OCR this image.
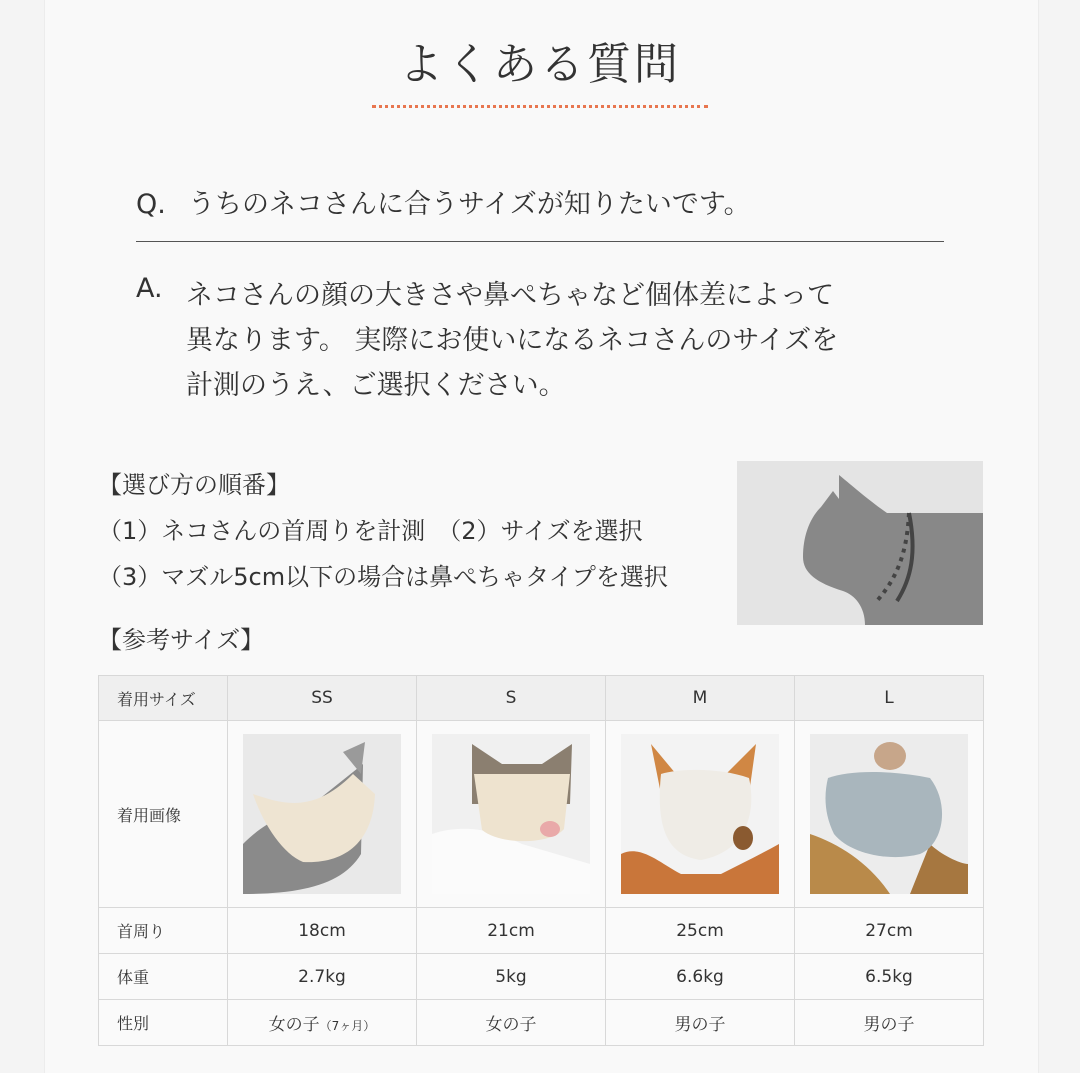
よくある質問
Q. うちのネコさんに合うサイズが知りたいです。
A. ネコさんの顔の大きさや鼻ぺちゃなど個体差によって
異なります。 実際にお使いになるネコさんのサイズを
計測のうえ、ご選択ください。
【選び方の順番】
（1）ネコさんの首周りを計測　（2）サイズを選択
（3）マズル5cm以下の場合は鼻ぺちゃタイプを選択
【参考サイズ】
着用サイズ	SS	S	M	L
着用画像	

首周り	18cm	21cm	25cm	27cm
体重	2.7kg	5kg	6.6kg	6.5kg
性別	女の子（7ヶ月）	女の子	男の子	男の子
